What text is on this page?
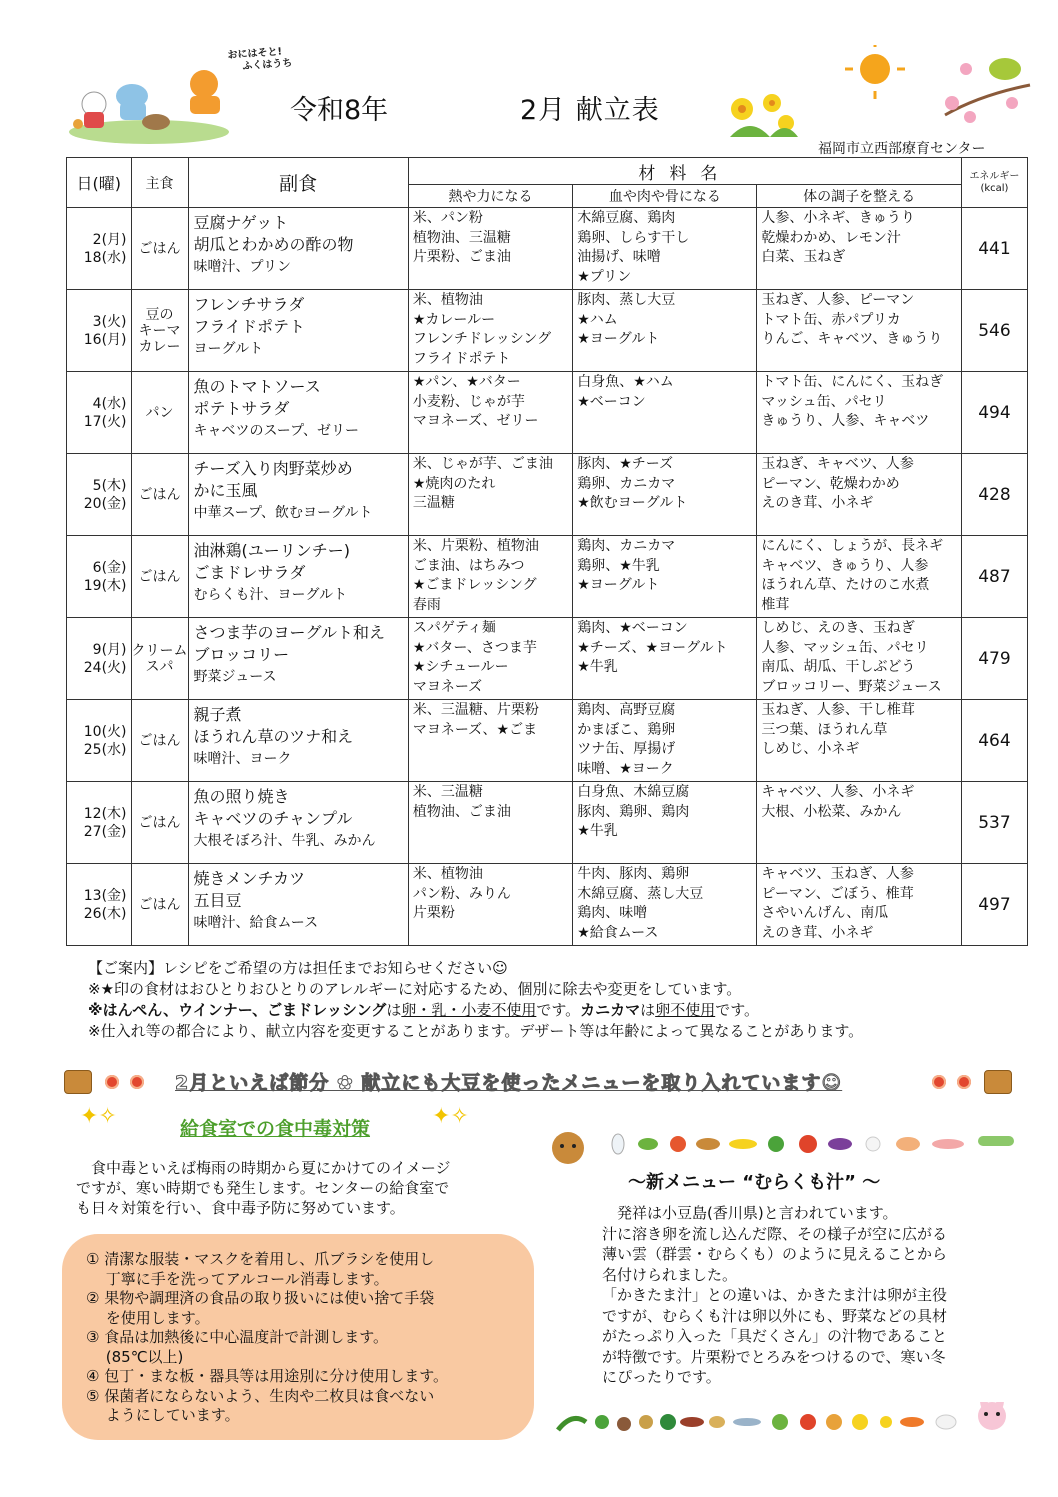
おにはそと!
ふくはうち
令和8年	2月 献立表
福岡市立西部療育センター
日(曜)	主食	副食	材料名			エネルギー
(kcal)

			熱や力になる	血や肉や骨になる	体の調子を整える	

2(月)
18(水)	ごはん	豆腐ナゲット
胡瓜とわかめの酢の物
味噌汁、プリン	米、パン粉
植物油、三温糖
片栗粉、ごま油	木綿豆腐、鶏肉
鶏卵、しらす干し
油揚げ、味噌
★プリン	人参、小ネギ、きゅうり
乾燥わかめ、レモン汁
白菜、玉ねぎ	441

3(火)
16(月)	豆の
キーマ
カレー	フレンチサラダ
フライドポテト
ヨーグルト	米、植物油
★カレールー
フレンチドレッシング
フライドポテト	豚肉、蒸し大豆
★ハム
★ヨーグルト	玉ねぎ、人参、ピーマン
トマト缶、赤パプリカ
りんご、キャベツ、きゅうり	546

4(水)
17(火)	パン	魚のトマトソース
ポテトサラダ
キャベツのスープ、ゼリー	★パン、★バター
小麦粉、じゃが芋
マヨネーズ、ゼリー	白身魚、★ハム
★ベーコン	トマト缶、にんにく、玉ねぎ
マッシュ缶、パセリ
きゅうり、人参、キャベツ	494

5(木)
20(金)	ごはん	チーズ入り肉野菜炒め
かに玉風
中華スープ、飲むヨーグルト	米、じゃが芋、ごま油
★焼肉のたれ
三温糖	豚肉、★チーズ
鶏卵、カニカマ
★飲むヨーグルト	玉ねぎ、キャベツ、人参
ピーマン、乾燥わかめ
えのき茸、小ネギ	428

6(金)
19(木)	ごはん	油淋鶏(ユーリンチー)
ごまドレサラダ
むらくも汁、ヨーグルト	米、片栗粉、植物油
ごま油、はちみつ
★ごまドレッシング
春雨	鶏肉、カニカマ
鶏卵、★牛乳
★ヨーグルト	にんにく、しょうが、長ネギ
キャベツ、きゅうり、人参
ほうれん草、たけのこ水煮
椎茸	487

9(月)
24(火)	クリーム
スパ	さつま芋のヨーグルト和え
ブロッコリー
野菜ジュース	スパゲティ麺
★バター、さつま芋
★シチュールー
マヨネーズ	鶏肉、★ベーコン
★チーズ、★ヨーグルト
★牛乳	しめじ、えのき、玉ねぎ
人参、マッシュ缶、パセリ
南瓜、胡瓜、干しぶどう
ブロッコリー、野菜ジュース	479

10(火)
25(水)	ごはん	親子煮
ほうれん草のツナ和え
味噌汁、ヨーク	米、三温糖、片栗粉
マヨネーズ、★ごま	鶏肉、高野豆腐
かまぼこ、鶏卵
ツナ缶、厚揚げ
味噌、★ヨーク	玉ねぎ、人参、干し椎茸
三つ葉、ほうれん草
しめじ、小ネギ	464

12(木)
27(金)	ごはん	魚の照り焼き
キャベツのチャンプル
大根そぼろ汁、牛乳、みかん	米、三温糖
植物油、ごま油	白身魚、木綿豆腐
豚肉、鶏卵、鶏肉
★牛乳	キャベツ、人参、小ネギ
大根、小松菜、みかん	537

13(金)
26(木)	ごはん	焼きメンチカツ
五目豆
味噌汁、給食ムース	米、植物油
パン粉、みりん
片栗粉	牛肉、豚肉、鶏卵
木綿豆腐、蒸し大豆
鶏肉、味噌
★給食ムース	キャベツ、玉ねぎ、人参
ピーマン、ごぼう、椎茸
さやいんげん、南瓜
えのき茸、小ネギ	497
【ご案内】レシピをご希望の方は担任までお知らせください☺
※★印の食材はおひとりおひとりのアレルギーに対応するため、個別に除去や変更をしています。
※はんぺん、ウインナー、ごまドレッシングは卵・乳・小麦不使用です。カニカマは卵不使用です。
※仕入れ等の都合により、献立内容を変更することがあります。デザート等は年齢によって異なることがあります。
2月といえば節分 ✿ 献立にも大豆を使ったメニューを取り入れています☺
✦✧	給食室での食中毒対策	✦✧
　食中毒といえば梅雨の時期から夏にかけてのイメージ
ですが、寒い時期でも発生します。センターの給食室で
も日々対策を行い、食中毒予防に努めています。
① 清潔な服装・マスクを着用し、爪ブラシを使用し
　 丁寧に手を洗ってアルコール消毒します。
② 果物や調理済の食品の取り扱いには使い捨て手袋
　 を使用します。
③ 食品は加熱後に中心温度計で計測します。
　 (85℃以上)
④ 包丁・まな板・器具等は用途別に分け使用します。
⑤ 保菌者にならないよう、生肉や二枚貝は食べない
　 ようにしています。
～新メニュー “むらくも汁” ～
　発祥は小豆島(香川県)と言われています。
汁に溶き卵を流し込んだ際、その様子が空に広がる
薄い雲（群雲・むらくも）のように見えることから
名付けられました。
「かきたま汁」との違いは、かきたま汁は卵が主役
ですが、むらくも汁は卵以外にも、野菜などの具材
がたっぷり入った「具だくさん」の汁物であること
が特徴です。片栗粉でとろみをつけるので、寒い冬
にぴったりです。
